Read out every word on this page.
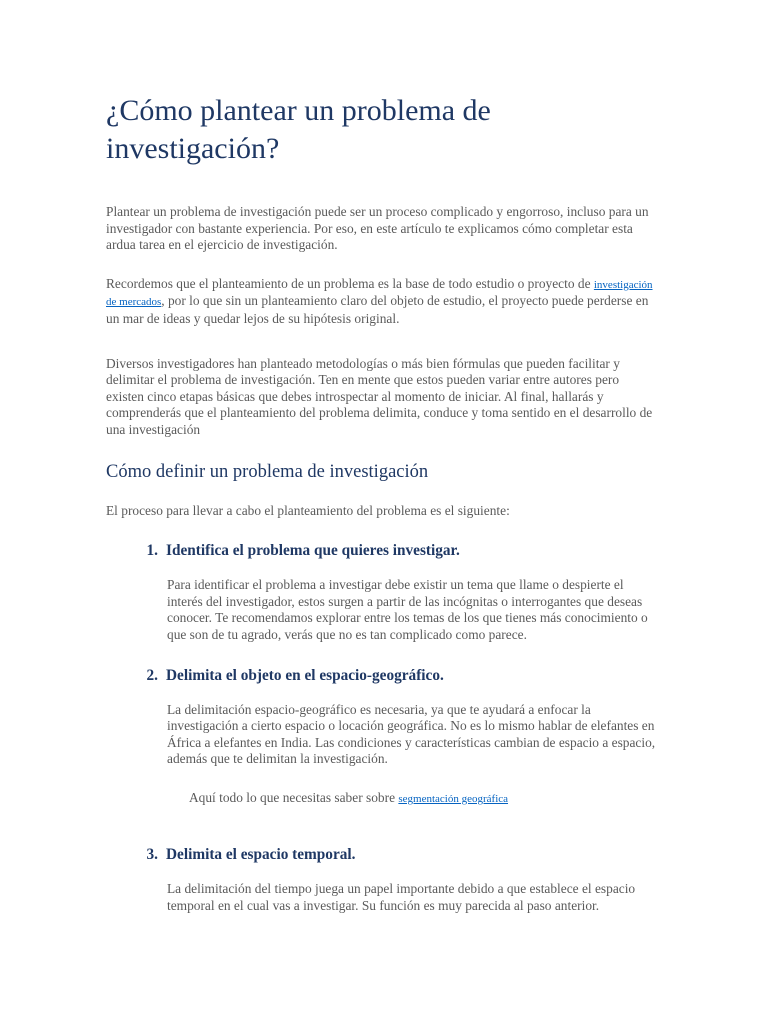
¿Cómo plantear un problema de investigación?

Plantear un problema de investigación puede ser un proceso complicado y engorroso, incluso para un investigador con bastante experiencia. Por eso, en este artículo te explicamos cómo completar esta ardua tarea en el ejercicio de investigación.

Recordemos que el planteamiento de un problema es la base de todo estudio o proyecto de investigación de mercados, por lo que sin un planteamiento claro del objeto de estudio, el proyecto puede perderse en un mar de ideas y quedar lejos de su hipótesis original.

Diversos investigadores han planteado metodologías o más bien fórmulas que pueden facilitar y delimitar el problema de investigación. Ten en mente que estos pueden variar entre autores pero existen cinco etapas básicas que debes introspectar al momento de iniciar. Al final, hallarás y comprenderás que el planteamiento del problema delimita, conduce y toma sentido en el desarrollo de una investigación

Cómo definir un problema de investigación

El proceso para llevar a cabo el planteamiento del problema es el siguiente:

1. Identifica el problema que quieres investigar.
Para identificar el problema a investigar debe existir un tema que llame o despierte el interés del investigador, estos surgen a partir de las incógnitas o interrogantes que deseas conocer. Te recomendamos explorar entre los temas de los que tienes más conocimiento o que son de tu agrado, verás que no es tan complicado como parece.
2. Delimita el objeto en el espacio-geográfico.
La delimitación espacio-geográfico es necesaria, ya que te ayudará a enfocar la investigación a cierto espacio o locación geográfica. No es lo mismo hablar de elefantes en África a elefantes en India. Las condiciones y características cambian de espacio a espacio, además que te delimitan la investigación.
Aquí todo lo que necesitas saber sobre segmentación geográfica
3. Delimita el espacio temporal.
La delimitación del tiempo juega un papel importante debido a que establece el espacio temporal en el cual vas a investigar. Su función es muy parecida al paso anterior.
